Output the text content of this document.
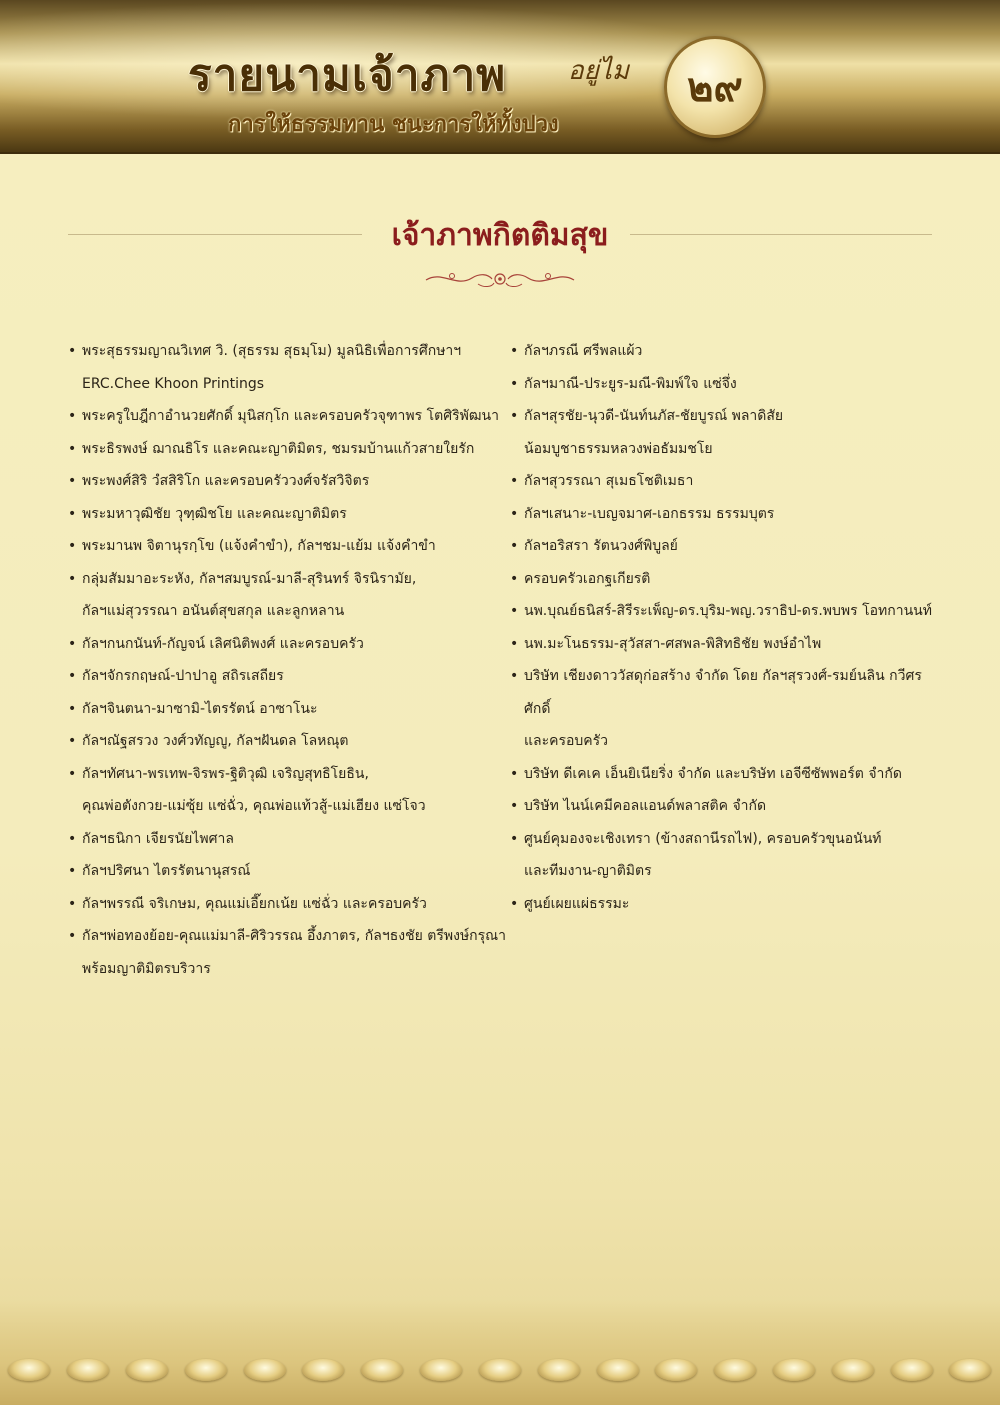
รายนามเจ้าภาพ อยู่ไม ๒๙
การให้ธรรมทาน ชนะการให้ทั้งปวง
เจ้าภาพกิตติมสุข
• พระสุธรรมญาณวิเทศ วิ. (สุธรรม สุธมฺโม) มูลนิธิเพื่อการศึกษาฯ
ERC.Chee Khoon Printings
• พระครูใบฎีกาอำนวยศักดิ์ มุนิสกฺโก และครอบครัวจุฑาพร โตศิริพัฒนา
• พระธิรพงษ์ ฌาณธิโร และคณะญาติมิตร, ชมรมบ้านแก้วสายใยรัก
• พระพงศ์สิริ วํสสิริโก และครอบครัววงศ์จรัสวิจิตร
• พระมหาวุฒิชัย วุฑฺฒิชโย และคณะญาติมิตร
• พระมานพ จิตานุรกฺโข (แจ้งคำขำ), กัลฯชม-แย้ม แจ้งคำขำ
• กลุ่มสัมมาอะระหัง, กัลฯสมบูรณ์-มาลี-สุรินทร์ จิรนิรามัย,
กัลฯแม่สุวรรณา อนันต์สุขสกุล และลูกหลาน
• กัลฯกนกนันท์-กัญจน์ เลิศนิติพงศ์ และครอบครัว
• กัลฯจักรกฤษณ์-ปาปาอู สถิรเสถียร
• กัลฯจินตนา-มาซามิ-ไตรรัตน์ อาซาโนะ
• กัลฯณัฐสรวง วงศ์วทัญญู, กัลฯฝันดล โลหณุต
• กัลฯทัศนา-พรเทพ-จิรพร-ฐิติวุฒิ เจริญสุทธิโยธิน,
คุณพ่อตังกวย-แม่ซุ้ย แซ่ฉั่ว, คุณพ่อแท้วสู้-แม่เฮียง แซ่โจว
• กัลฯธนิกา เจียรนัยไพศาล
• กัลฯปริศนา ไตรรัตนานุสรณ์
• กัลฯพรรณี จริเกษม, คุณแม่เอี๊ยกเน้ย แซ่ฉั่ว และครอบครัว
• กัลฯพ่อทองย้อย-คุณแม่มาลี-ศิริวรรณ อึ้งภาตร, กัลฯธงชัย ตรีพงษ์กรุณา
พร้อมญาติมิตรบริวาร
• กัลฯภรณี ศรีพลแผ้ว
• กัลฯมาณี-ประยูร-มณี-พิมพ์ใจ แซ่จึ่ง
• กัลฯสุรชัย-นุวดี-นันท์นภัส-ชัยบูรณ์ พลาดิสัย
น้อมบูชาธรรมหลวงพ่อธัมมชโย
• กัลฯสุวรรณา สุเมธโชติเมธา
• กัลฯเสนาะ-เบญจมาศ-เอกธรรม ธรรมบุตร
• กัลฯอริสรา รัตนวงศ์พิบูลย์
• ครอบครัวเอกฐเกียรติ
• นพ.บุณย์ธนิสร์-สิรีระเพ็ญ-ดร.บุริม-พญ.วราธิป-ดร.พบพร โอทกานนท์
• นพ.มะโนธรรม-สุวัสสา-ศสพล-พิสิทธิชัย พงษ์อำไพ
• บริษัท เชียงดาววัสดุก่อสร้าง จำกัด โดย กัลฯสุรวงศ์-รมย์นลิน กวีศรศักดิ์
และครอบครัว
• บริษัท ดีเคเค เอ็นยิเนียริ่ง จำกัด และบริษัท เอจีซีซัพพอร์ต จำกัด
• บริษัท ไนน์เคมีคอลแอนด์พลาสติค จำกัด
• ศูนย์คุมองจะเชิงเทรา (ข้างสถานีรถไฟ), ครอบครัวขุนอนันท์
และทีมงาน-ญาติมิตร
• ศูนย์เผยแผ่ธรรมะ
